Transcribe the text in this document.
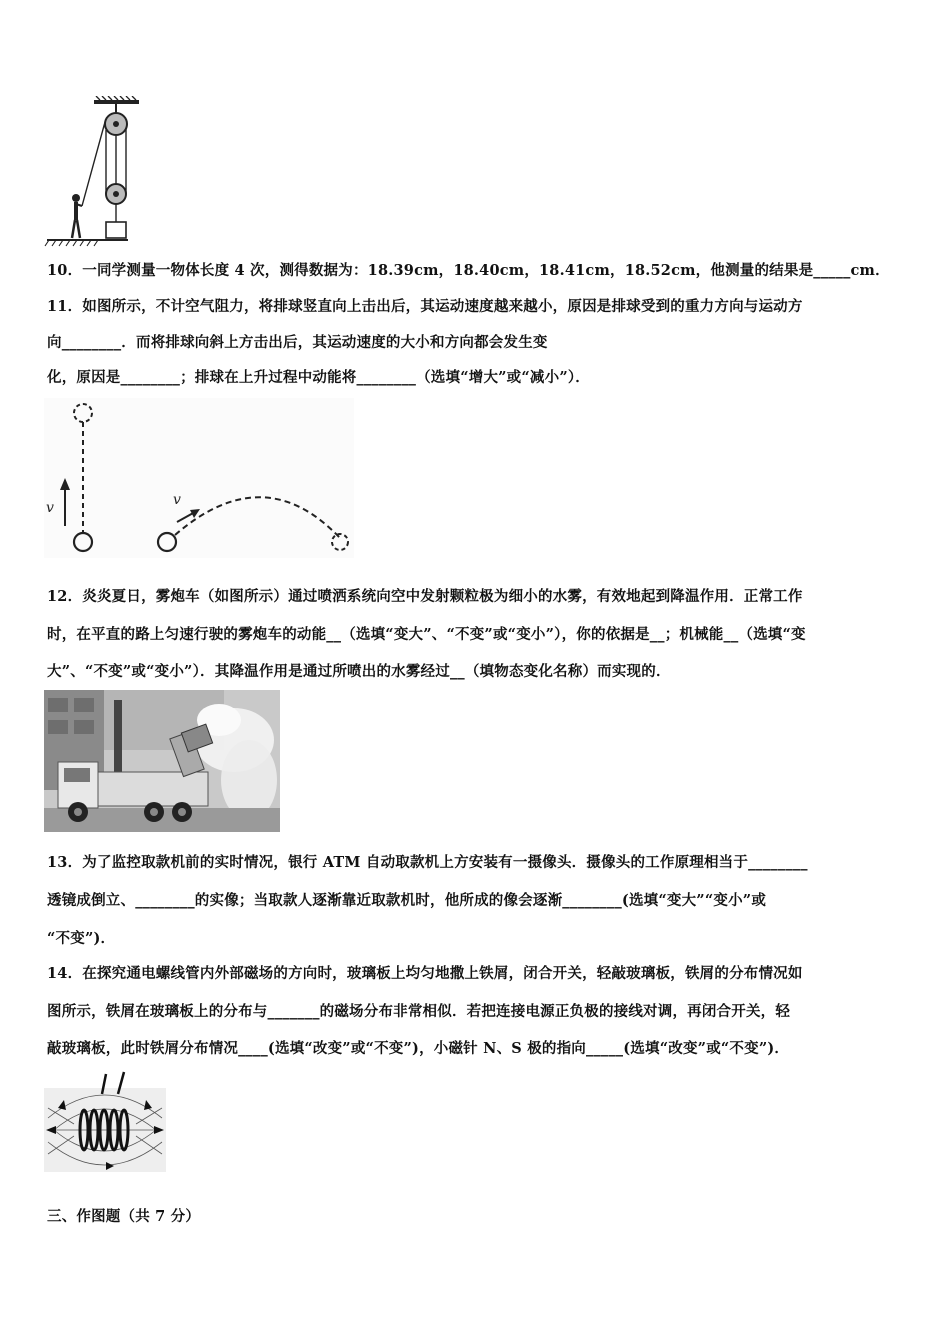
10．一同学测量一物体长度 4 次，测得数据为：18.39cm，18.40cm，18.41cm，18.52cm，他测量的结果是_____cm．
11．如图所示，不计空气阻力，将排球竖直向上击出后，其运动速度越来越小，原因是排球受到的重力方向与运动方
向________．而将排球向斜上方击出后，其运动速度的大小和方向都会发生变
化，原因是________；排球在上升过程中动能将________（选填“增大”或“减小”）．
v	v
12．炎炎夏日，雾炮车（如图所示）通过喷洒系统向空中发射颗粒极为细小的水雾，有效地起到降温作用．正常工作
时，在平直的路上匀速行驶的雾炮车的动能__（选填“变大”、“不变”或“变小”），你的依据是__；机械能__（选填“变
大”、“不变”或“变小”）．其降温作用是通过所喷出的水雾经过__（填物态变化名称）而实现的．
13．为了监控取款机前的实时情况，银行 ATM 自动取款机上方安装有一摄像头．摄像头的工作原理相当于________
透镜成倒立、________的实像；当取款人逐渐靠近取款机时，他所成的像会逐渐________(选填“变大”“变小”或
“不变”)．
14．在探究通电螺线管内外部磁场的方向时，玻璃板上均匀地撒上铁屑，闭合开关，轻敲玻璃板，铁屑的分布情况如
图所示，铁屑在玻璃板上的分布与_______的磁场分布非常相似．若把连接电源正负极的接线对调，再闭合开关，轻
敲玻璃板，此时铁屑分布情况____(选填“改变”或“不变”)，小磁针 N、S 极的指向_____(选填“改变”或“不变”)．
三、作图题（共 7 分）
